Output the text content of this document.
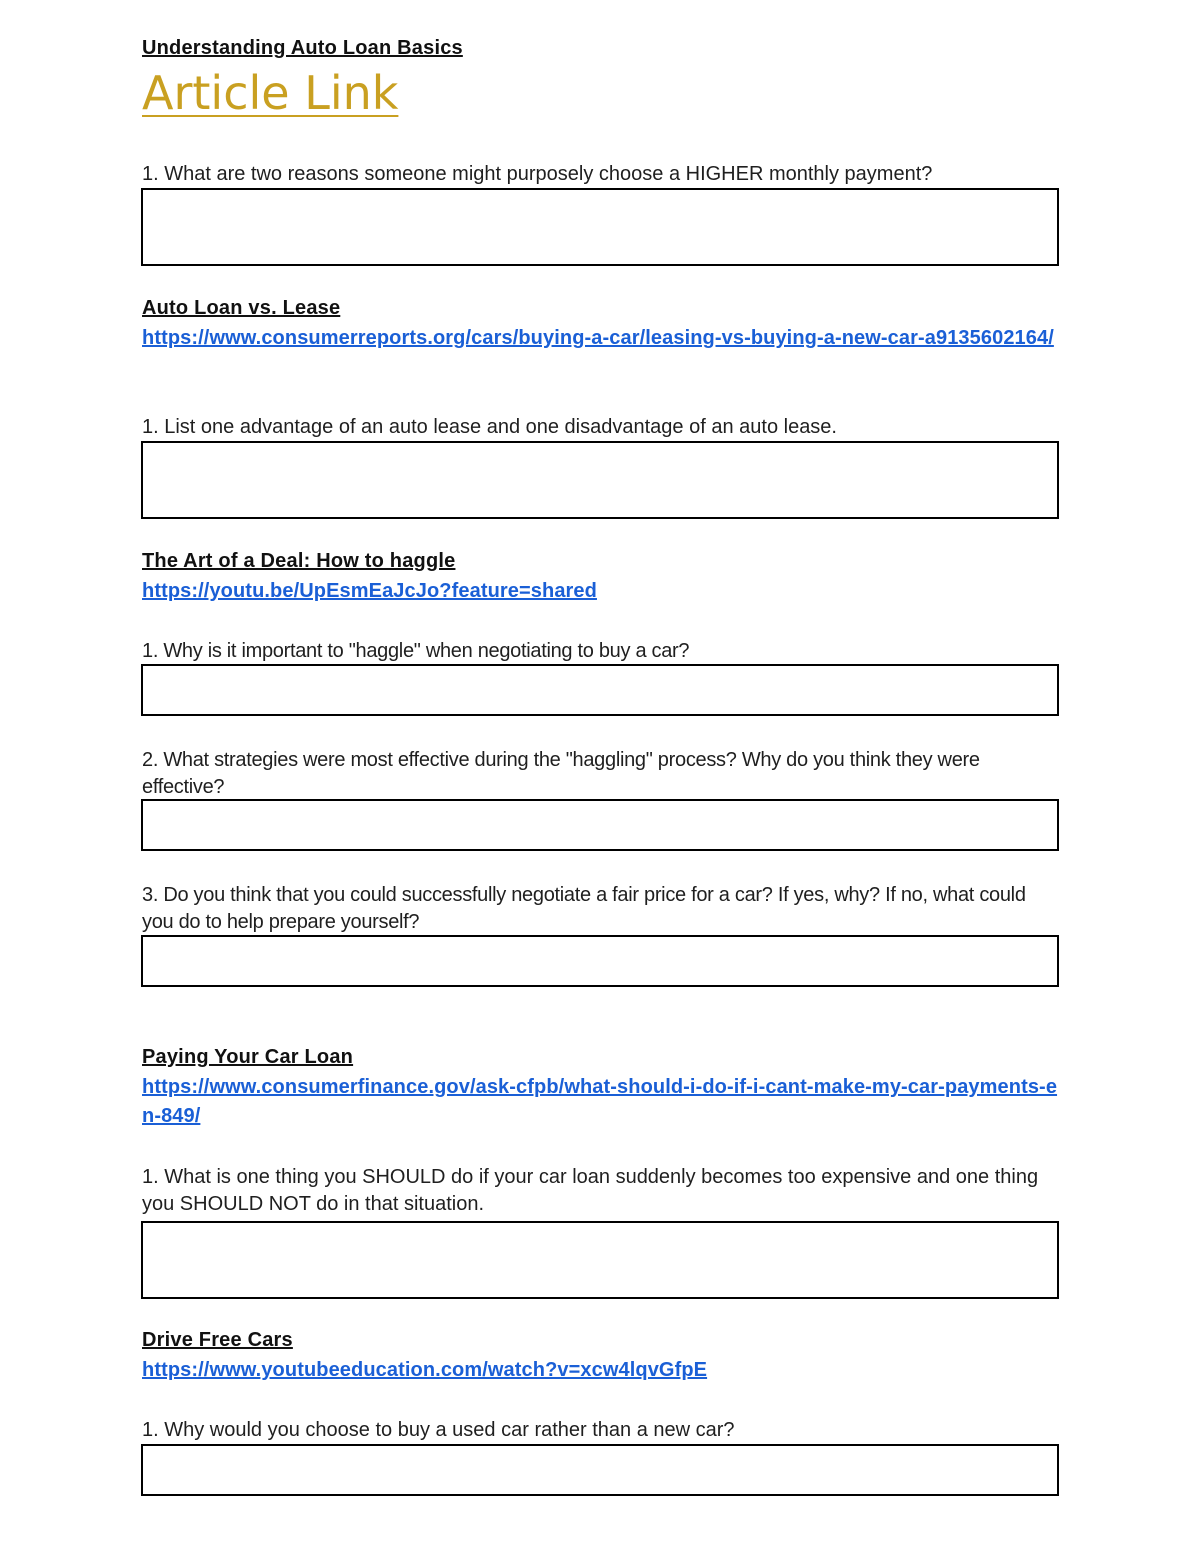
Understanding Auto Loan Basics
Article Link
1. What are two reasons someone might purposely choose a HIGHER monthly payment?
Auto Loan vs. Lease
https://www.consumerreports.org/cars/buying-a-car/leasing-vs-buying-a-new-car-a9135602164/
1. List one advantage of an auto lease and one disadvantage of an auto lease.
The Art of a Deal: How to haggle
https://youtu.be/UpEsmEaJcJo?feature=shared
1. Why is it important to "haggle" when negotiating to buy a car?
2. What strategies were most effective during the "haggling" process? Why do you think they were effective?
3. Do you think that you could successfully negotiate a fair price for a car? If yes, why? If no, what could you do to help prepare yourself?
Paying Your Car Loan
https://www.consumerfinance.gov/ask-cfpb/what-should-i-do-if-i-cant-make-my-car-payments-en-849/
1. What is one thing you SHOULD do if your car loan suddenly becomes too expensive and one thing you SHOULD NOT do in that situation.
Drive Free Cars
https://www.youtubeeducation.com/watch?v=xcw4lqvGfpE
1. Why would you choose to buy a used car rather than a new car?
